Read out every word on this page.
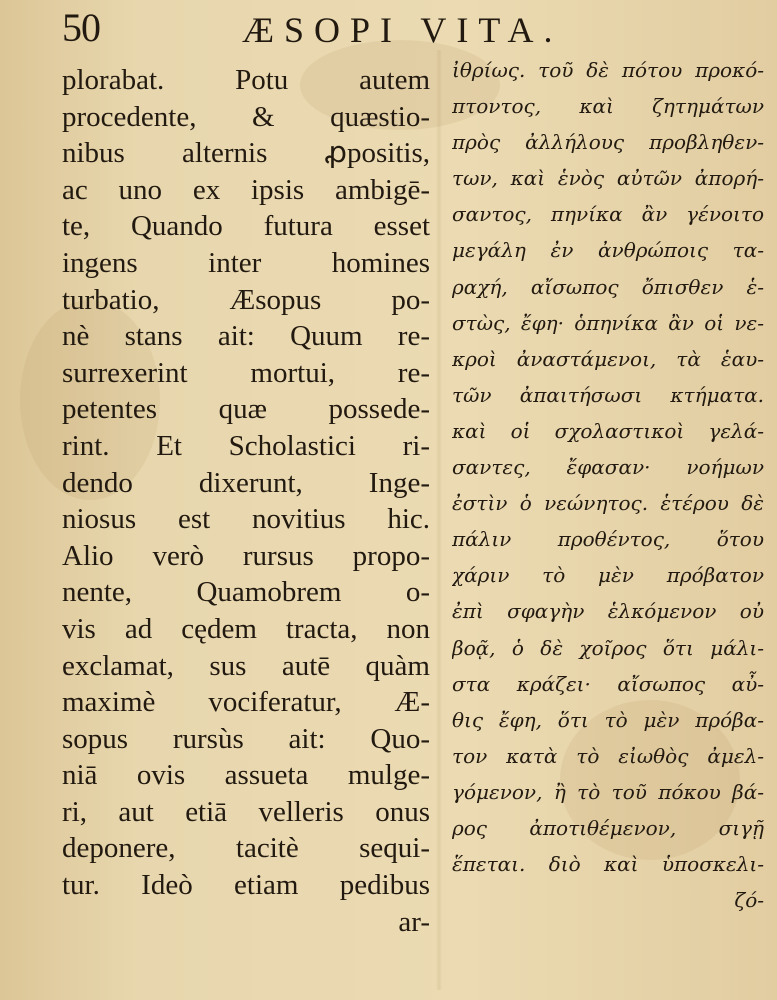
50	ÆSOPI VITA.
plorabat. Potu autem
procedente, & quæstio-
nibus alternis ꝓpositis,
ac uno ex ipsis ambigē-
te, Quando futura esset
ingens inter homines
turbatio, Æsopus po-
nè stans ait: Quum re-
surrexerint mortui, re-
petentes quæ possede-
rint. Et Scholastici ri-
dendo dixerunt, Inge-
niosus est novitius hic.
Alio verò rursus propo-
nente, Quamobrem o-
vis ad cędem tracta, non
exclamat, sus autē quàm
maximè vociferatur, Æ-
sopus rursùs ait: Quo-
niā ovis assueta mulge-
ri, aut etiā velleris onus
deponere, tacitè sequi-
tur. Ideò etiam pedibus
ar-
ἰθρίως. τοῦ δὲ πότου προκό-
πτοντος, καὶ ζητημάτων
πρὸς ἀλλήλους προβληθεν-
των, καὶ ἑνὸς αὐτῶν ἀπορή-
σαντος, πηνίκα ἂν γένοιτο
μεγάλη ἐν ἀνθρώποις τα-
ραχή, αἴσωπος ὄπισθεν ἑ-
στὼς, ἔφη· ὁπηνίκα ἂν οἱ νε-
κροὶ ἀναστάμενοι, τὰ ἑαυ-
τῶν ἀπαιτήσωσι κτήματα.
καὶ οἱ σχολαστικοὶ γελά-
σαντες, ἔφασαν· νοήμων
ἐστὶν ὁ νεώνητος. ἑτέρου δὲ
πάλιν προθέντος, ὅτου
χάριν τὸ μὲν πρόβατον
ἐπὶ σφαγὴν ἑλκόμενον οὐ
βοᾷ, ὁ δὲ χοῖρος ὅτι μάλι-
στα κράζει· αἴσωπος αὖ-
θις ἔφη, ὅτι τὸ μὲν πρόβα-
τον κατὰ τὸ εἰωθὸς ἀμελ-
γόμενον, ἢ τὸ τοῦ πόκου βά-
ρος ἀποτιθέμενον, σιγῇ
ἕπεται. διὸ καὶ ὑποσκελι-
ζό-
